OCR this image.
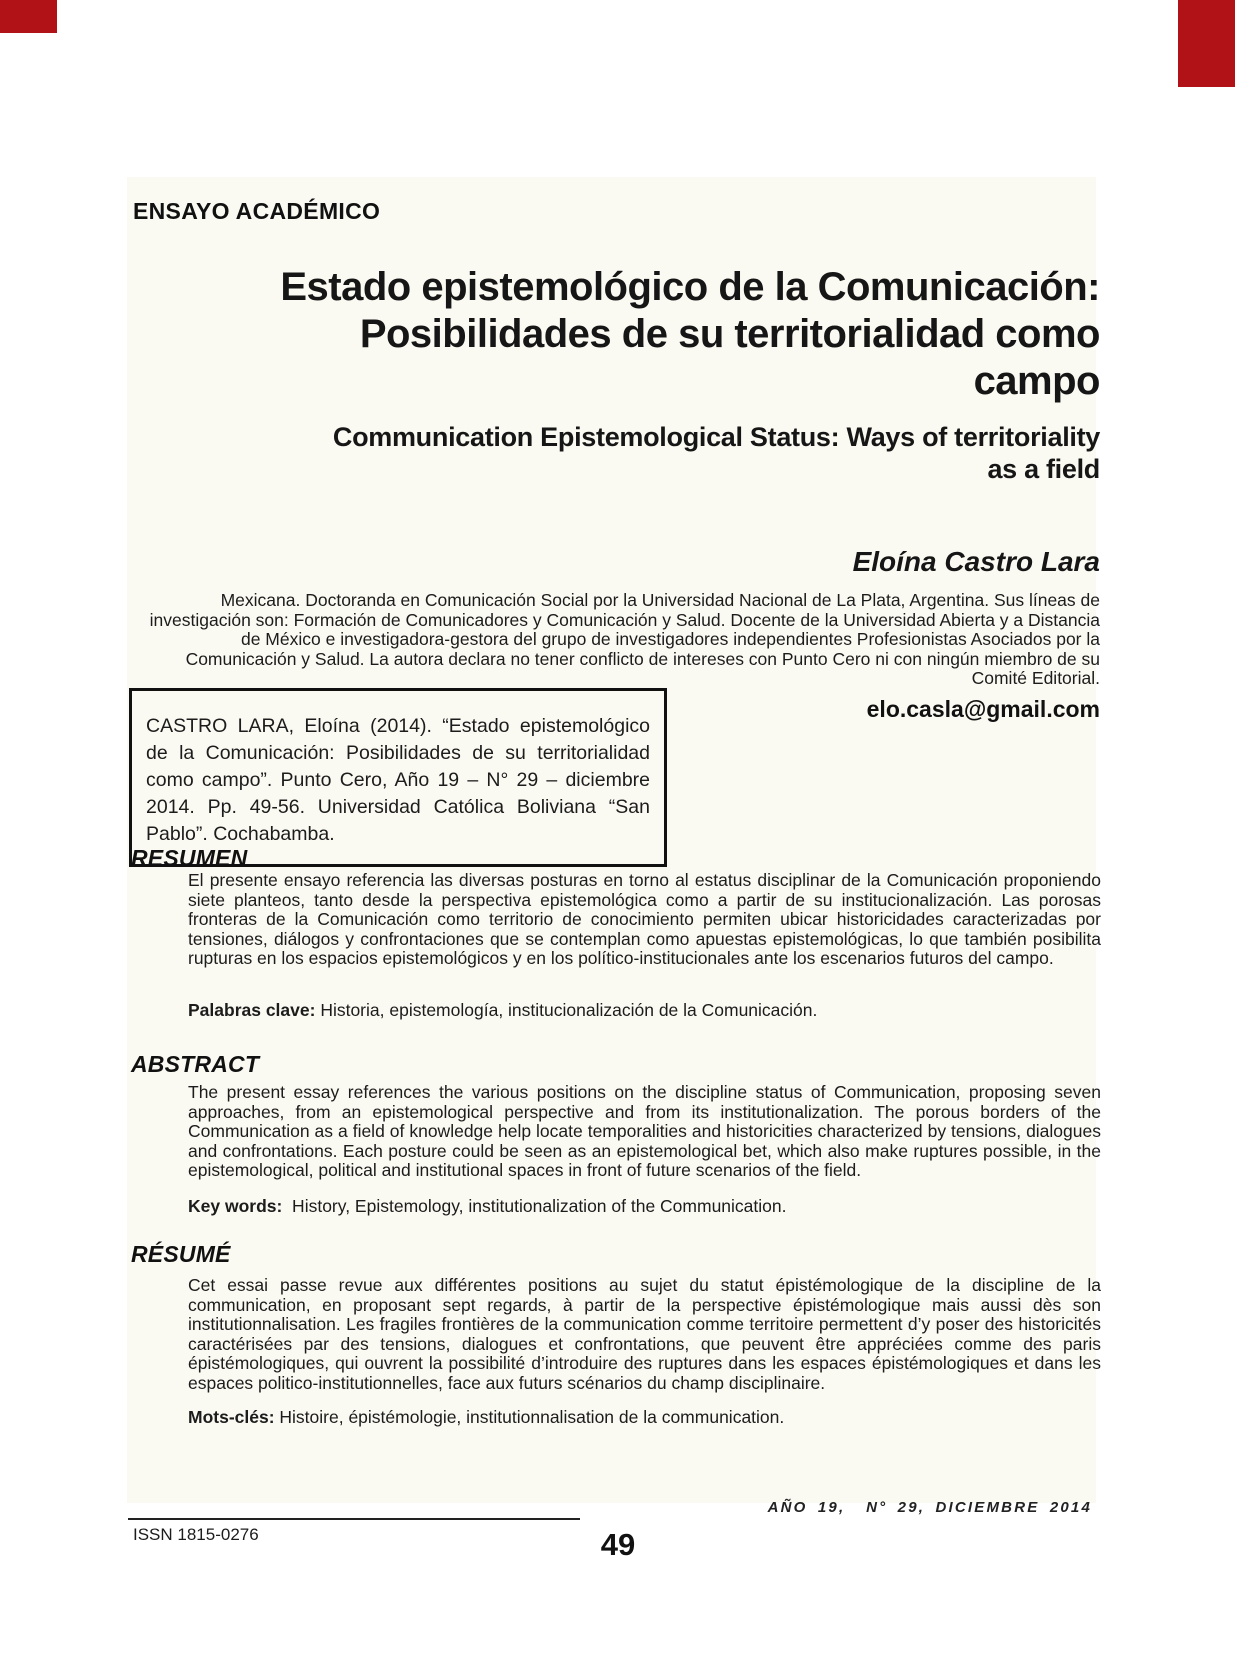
ENSAYO ACADÉMICO
Estado epistemológico de la Comunicación:
Posibilidades de su territorialidad como
campo
Communication Epistemological Status: Ways of territoriality
as a field
Eloína Castro Lara
Mexicana. Doctoranda en Comunicación Social por la Universidad Nacional de La Plata, Argentina. Sus líneas de investigación son: Formación de Comunicadores y Comunicación y Salud. Docente de la Universidad Abierta y a Distancia de México e investigadora-gestora del grupo de investigadores independientes Profesionistas Asociados por la Comunicación y Salud. La autora declara no tener conflicto de intereses con Punto Cero ni con ningún miembro de su Comité Editorial.
CASTRO LARA, Eloína (2014). “Estado epistemológico de la Comunicación: Posibilidades de su territorialidad como campo”. Punto Cero, Año 19 – N° 29 – diciembre 2014. Pp. 49-56. Universidad Católica Boliviana “San Pablo”. Cochabamba.
elo.casla@gmail.com
RESUMEN
El presente ensayo referencia las diversas posturas en torno al estatus disciplinar de la Comunicación proponiendo siete planteos, tanto desde la perspectiva epistemológica como a partir de su institucionalización. Las porosas fronteras de la Comunicación como territorio de conocimiento permiten ubicar historicidades caracterizadas por tensiones, diálogos y confrontaciones que se contemplan como apuestas epistemológicas, lo que también posibilita rupturas en los espacios epistemológicos y en los político-institucionales ante los escenarios futuros del campo.
Palabras clave: Historia, epistemología, institucionalización de la Comunicación.
ABSTRACT
The present essay references the various positions on the discipline status of Communication, proposing seven approaches, from an epistemological perspective and from its institutionalization. The porous borders of the Communication as a field of knowledge help locate temporalities and historicities characterized by tensions, dialogues and confrontations. Each posture could be seen as an epistemological bet, which also make ruptures possible, in the epistemological, political and institutional spaces in front of future scenarios of the field.
Key words:  History, Epistemology, institutionalization of the Communication.
RÉSUMÉ
Cet essai passe revue aux différentes positions au sujet du statut épistémologique de la discipline de la communication, en proposant sept regards, à partir de la perspective épistémologique mais aussi dès son institutionnalisation. Les fragiles frontières de la communication comme territoire permettent d’y poser des historicités caractérisées par des tensions, dialogues et confrontations, que peuvent être appréciées comme des paris épistémologiques, qui ouvrent la possibilité d’introduire des ruptures dans les espaces épistémologiques et dans les espaces politico-institutionnelles, face aux futurs scénarios du champ disciplinaire.
Mots-clés: Histoire, épistémologie, institutionnalisation de la communication.
ISSN 1815-0276	49
AÑO 19,  N° 29, DICIEMBRE 2014
